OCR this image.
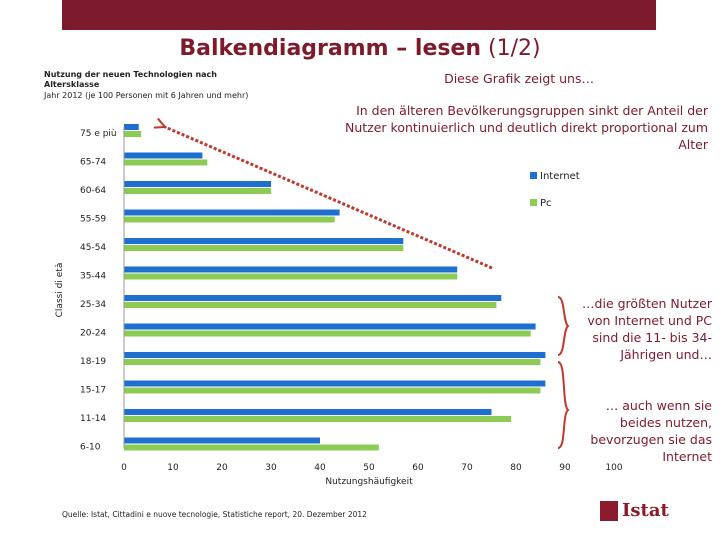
Balkendiagramm – lesen (1/2)
Nutzung der neuen Technologien nach Altersklasse
Jahr 2012 (je 100 Personen mit 6 Jahren und mehr)
Diese Grafik zeigt uns…
In den älteren Bevölkerungsgruppen sinkt der Anteil der Nutzer kontinuierlich und deutlich direkt proportional zum Alter
…die größten Nutzer von Internet und PC sind die 11- bis 34-Jährigen und…
… auch wenn sie beides nutzen, bevorzugen sie das Internet
75 e più
65-74
60-64
55-59
45-54
35-44
25-34
20-24
18-19
15-17
11-14
6-10
0	10	20	30	40	50	60	70	80	90	100
Internet
Pc
Classi di età
Nutzungshäufigkeit
Quelle: Istat, Cittadini e nuove tecnologie, Statistiche report, 20. Dezember 2012	Istat
